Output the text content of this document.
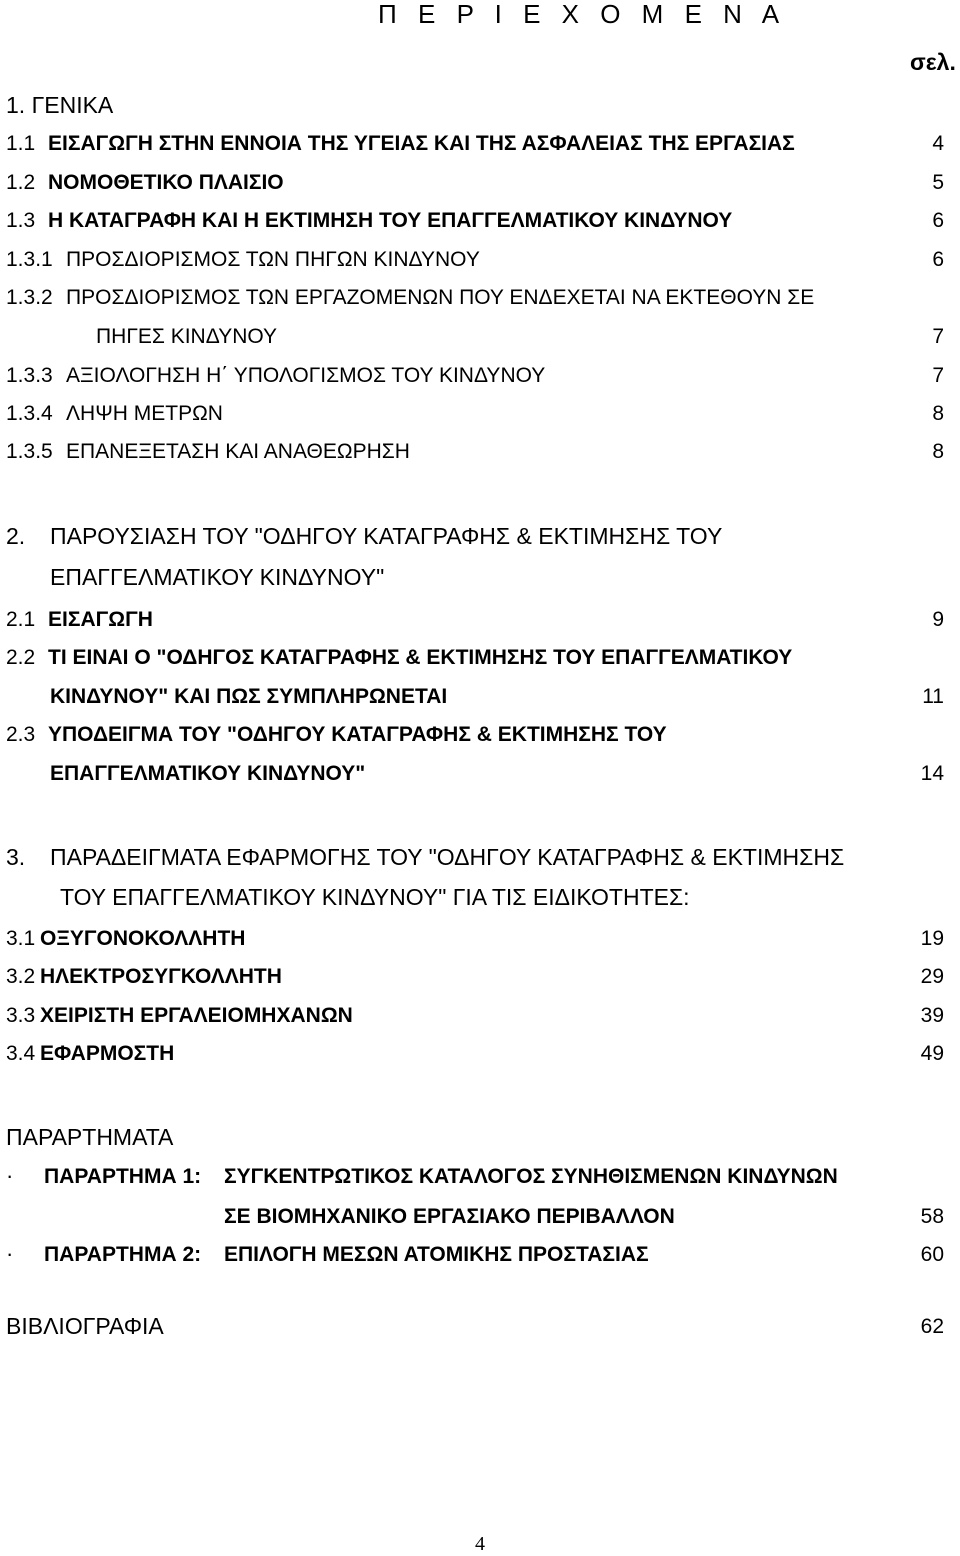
Π Ε Ρ Ι Ε Χ Ο Μ Ε Ν Α
σελ.
1. ΓΕΝΙΚΑ
1.1 ΕΙΣΑΓΩΓΗ ΣΤΗΝ ΕΝΝΟΙΑ ΤΗΣ ΥΓΕΙΑΣ ΚΑΙ ΤΗΣ ΑΣΦΑΛΕΙΑΣ ΤΗΣ ΕΡΓΑΣΙΑΣ	4
1.2 ΝΟΜΟΘΕΤΙΚΟ ΠΛΑΙΣΙΟ	5
1.3 Η ΚΑΤΑΓΡΑΦΗ ΚΑΙ Η ΕΚΤΙΜΗΣΗ ΤΟΥ ΕΠΑΓΓΕΛΜΑΤΙΚΟΥ ΚΙΝΔΥΝΟΥ	6
1.3.1 ΠΡΟΣΔΙΟΡΙΣΜΟΣ ΤΩΝ ΠΗΓΩΝ ΚΙΝΔΥΝΟΥ	6
1.3.2 ΠΡΟΣΔΙΟΡΙΣΜΟΣ ΤΩΝ ΕΡΓΑΖΟΜΕΝΩΝ ΠΟΥ ΕΝΔΕΧΕΤΑΙ ΝΑ ΕΚΤΕΘΟΥΝ ΣΕ
ΠΗΓΕΣ ΚΙΝΔΥΝΟΥ	7
1.3.3 ΑΞΙΟΛΟΓΗΣΗ Η΄ ΥΠΟΛΟΓΙΣΜΟΣ ΤΟΥ ΚΙΝΔΥΝΟΥ	7
1.3.4 ΛΗΨΗ ΜΕΤΡΩΝ	8
1.3.5 ΕΠΑΝΕΞΕΤΑΣΗ ΚΑΙ ΑΝΑΘΕΩΡΗΣΗ	8
2. ΠΑΡΟΥΣΙΑΣΗ ΤΟΥ "ΟΔΗΓΟΥ ΚΑΤΑΓΡΑΦΗΣ & ΕΚΤΙΜΗΣΗΣ ΤΟΥ
ΕΠΑΓΓΕΛΜΑΤΙΚΟΥ ΚΙΝΔΥΝΟΥ"
2.1 ΕΙΣΑΓΩΓΗ	9
2.2 ΤΙ ΕΙΝΑΙ Ο "ΟΔΗΓΟΣ ΚΑΤΑΓΡΑΦΗΣ & ΕΚΤΙΜΗΣΗΣ ΤΟΥ ΕΠΑΓΓΕΛΜΑΤΙΚΟΥ
ΚΙΝΔΥΝΟΥ" ΚΑΙ ΠΩΣ ΣΥΜΠΛΗΡΩΝΕΤΑΙ	11
2.3 ΥΠΟΔΕΙΓΜΑ ΤΟΥ "ΟΔΗΓΟΥ ΚΑΤΑΓΡΑΦΗΣ & ΕΚΤΙΜΗΣΗΣ ΤΟΥ
ΕΠΑΓΓΕΛΜΑΤΙΚΟΥ ΚΙΝΔΥΝΟΥ"	14
3. ΠΑΡΑΔΕΙΓΜΑΤΑ ΕΦΑΡΜΟΓΗΣ ΤΟΥ "ΟΔΗΓΟΥ ΚΑΤΑΓΡΑΦΗΣ & ΕΚΤΙΜΗΣΗΣ
ΤΟΥ ΕΠΑΓΓΕΛΜΑΤΙΚΟΥ ΚΙΝΔΥΝΟΥ" ΓΙΑ ΤΙΣ ΕΙΔΙΚΟΤΗΤΕΣ:
3.1 ΟΞΥΓΟΝΟΚΟΛΛΗΤΗ	19
3.2 ΗΛΕΚΤΡΟΣΥΓΚΟΛΛΗΤΗ	29
3.3 ΧΕΙΡΙΣΤΗ ΕΡΓΑΛΕΙΟΜΗΧΑΝΩΝ	39
3.4 ΕΦΑΡΜΟΣΤΗ	49
ΠΑΡΑΡΤΗΜΑΤΑ
· ΠΑΡΑΡΤΗΜΑ 1: ΣΥΓΚΕΝΤΡΩΤΙΚΟΣ ΚΑΤΑΛΟΓΟΣ ΣΥΝΗΘΙΣΜΕΝΩΝ ΚΙΝΔΥΝΩΝ
ΣΕ ΒΙΟΜΗΧΑΝΙΚΟ ΕΡΓΑΣΙΑΚΟ ΠΕΡΙΒΑΛΛΟΝ	58
· ΠΑΡΑΡΤΗΜΑ 2: ΕΠΙΛΟΓΗ ΜΕΣΩΝ ΑΤΟΜΙΚΗΣ ΠΡΟΣΤΑΣΙΑΣ	60
ΒΙΒΛΙΟΓΡΑΦΙΑ	62
4
